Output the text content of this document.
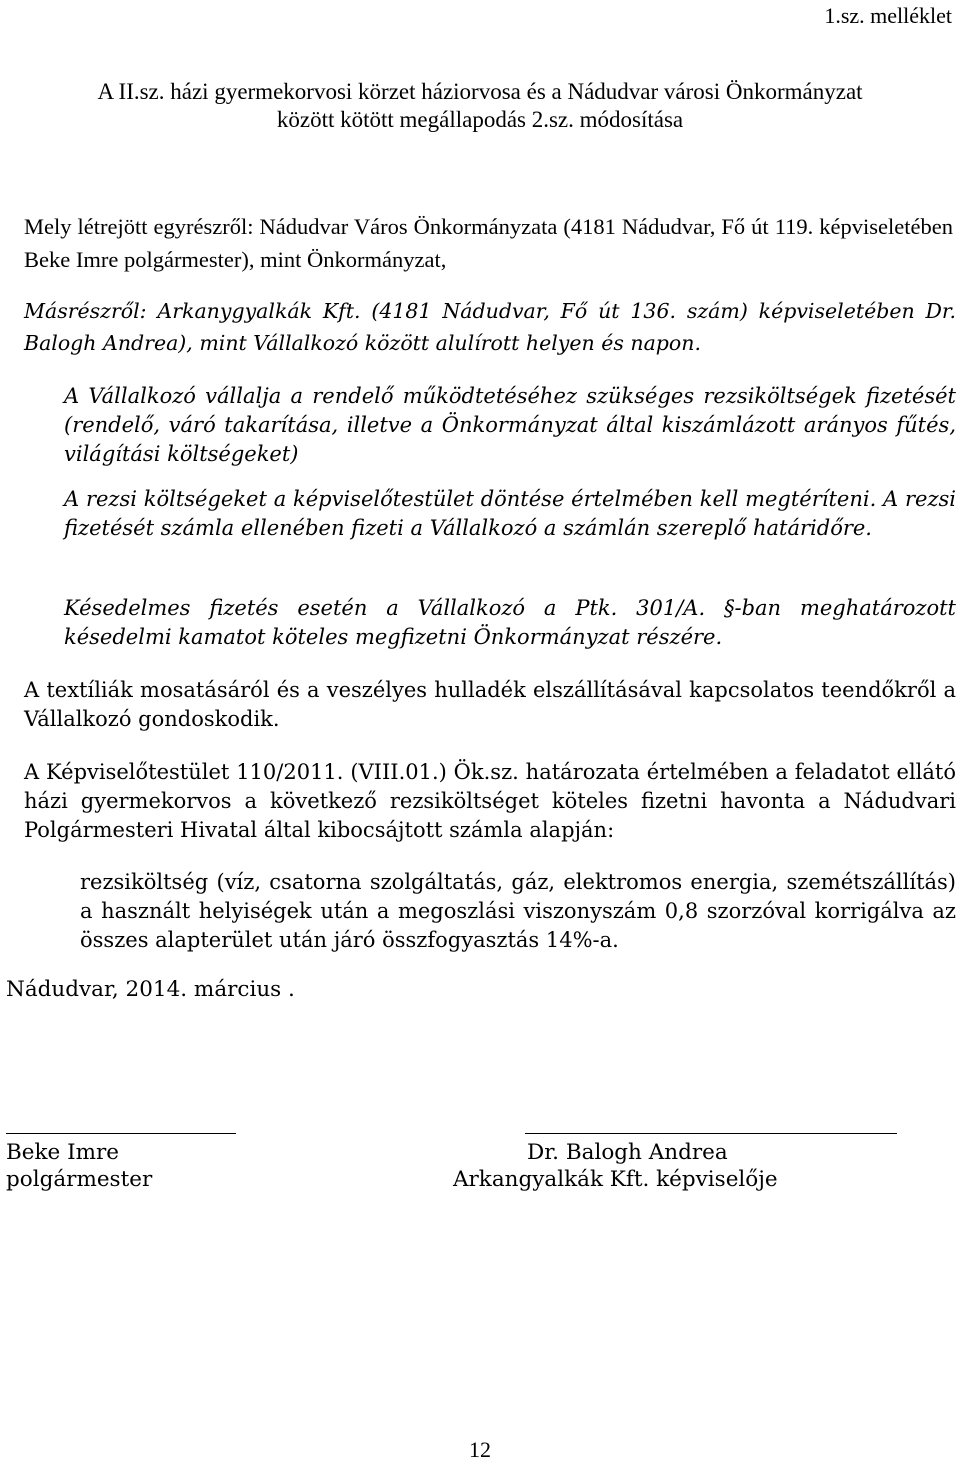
1.sz. melléklet
A II.sz. házi gyermekorvosi körzet háziorvosa és a Nádudvar városi Önkormányzat
között kötött megállapodás 2.sz. módosítása

Mely létrejött egyrészről: Nádudvar Város Önkormányzata (4181 Nádudvar, Fő út 119. képviseletében Beke Imre polgármester), mint Önkormányzat,

Másrészről: Arkanygyalkák Kft. (4181 Nádudvar, Fő út 136. szám) képviseletében Dr. Balogh Andrea), mint Vállalkozó között alulírott helyen és napon.

A Vállalkozó vállalja a rendelő működtetéséhez szükséges rezsiköltségek fizetését (rendelő, váró takarítása, illetve a Önkormányzat által kiszámlázott arányos fűtés, világítási költségeket)

A rezsi költségeket a képviselőtestület döntése értelmében kell megtéríteni. A rezsi fizetését számla ellenében fizeti a Vállalkozó a számlán szereplő határidőre.

Késedelmes fizetés esetén a Vállalkozó a Ptk. 301/A. §-ban meghatározott késedelmi kamatot köteles megfizetni Önkormányzat részére.

A textíliák mosatásáról és a veszélyes hulladék elszállításával kapcsolatos teendőkről a Vállalkozó gondoskodik.

A Képviselőtestület 110/2011. (VIII.01.) Ök.sz. határozata értelmében a feladatot ellátó házi gyermekorvos a következő rezsiköltséget köteles fizetni havonta a Nádudvari Polgármesteri Hivatal által kibocsájtott számla alapján:

rezsiköltség (víz, csatorna szolgáltatás, gáz, elektromos energia, szemétszállítás) a használt helyiségek után a megoszlási viszonyszám 0,8 szorzóval korrigálva az összes alapterület után járó összfogyasztás 14%-a.

Nádudvar, 2014. március .
Beke Imre
polgármester
Dr. Balogh Andrea
Arkangyalkák Kft. képviselője
12
